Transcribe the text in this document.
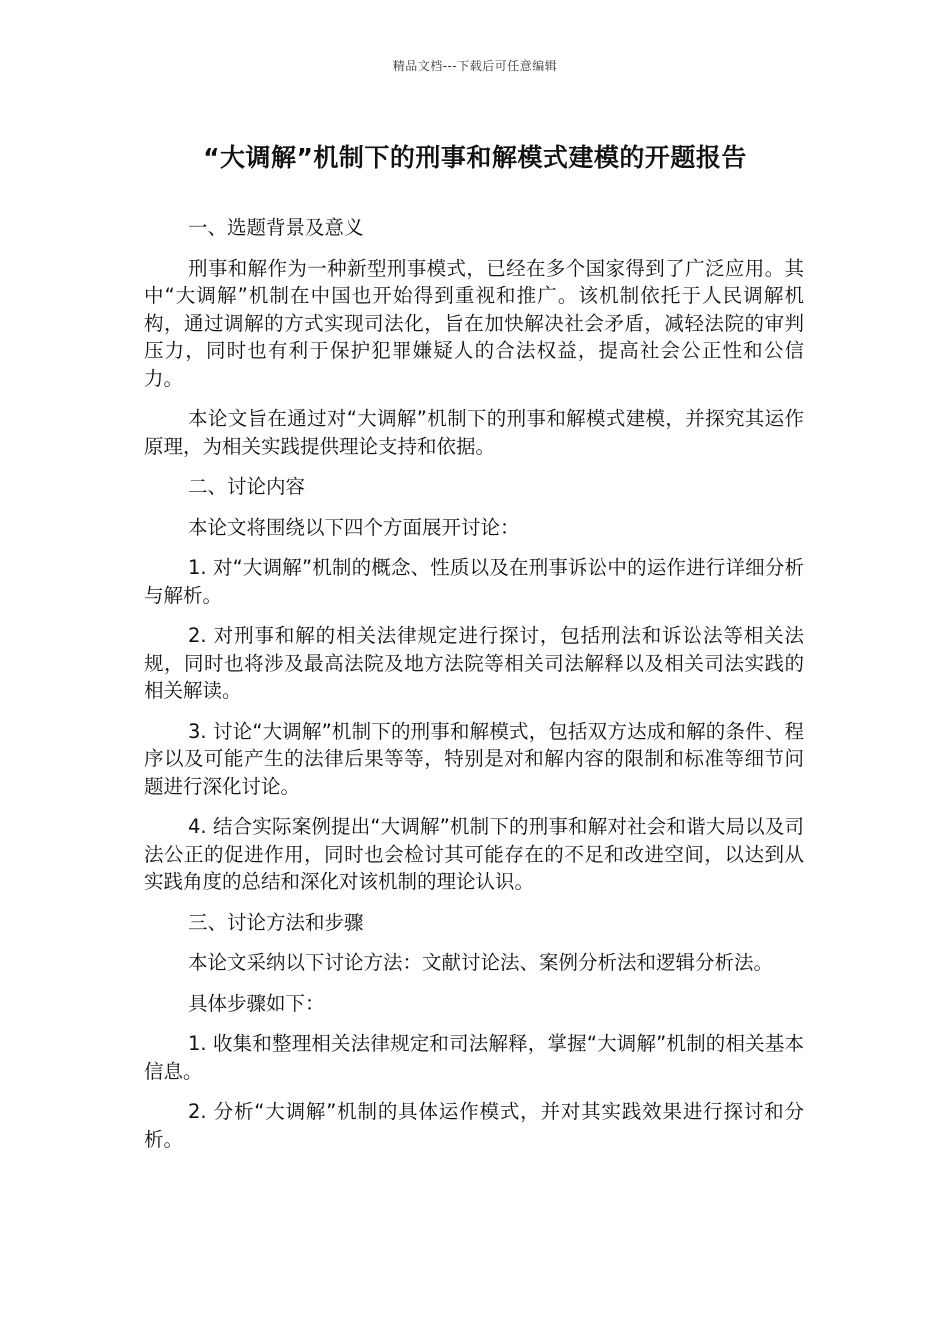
精品文档---下载后可任意编辑
“大调解”机制下的刑事和解模式建模的开题报告

一、选题背景及意义

刑事和解作为一种新型刑事模式，已经在多个国家得到了广泛应用。其中“大调解”机制在中国也开始得到重视和推广。该机制依托于人民调解机构，通过调解的方式实现司法化，旨在加快解决社会矛盾，减轻法院的审判压力，同时也有利于保护犯罪嫌疑人的合法权益，提高社会公正性和公信力。

本论文旨在通过对“大调解”机制下的刑事和解模式建模，并探究其运作原理，为相关实践提供理论支持和依据。

二、讨论内容

本论文将围绕以下四个方面展开讨论：

1. 对“大调解”机制的概念、性质以及在刑事诉讼中的运作进行详细分析与解析。

2. 对刑事和解的相关法律规定进行探讨，包括刑法和诉讼法等相关法规，同时也将涉及最高法院及地方法院等相关司法解释以及相关司法实践的相关解读。

3. 讨论“大调解”机制下的刑事和解模式，包括双方达成和解的条件、程序以及可能产生的法律后果等等，特别是对和解内容的限制和标准等细节问题进行深化讨论。

4. 结合实际案例提出“大调解”机制下的刑事和解对社会和谐大局以及司法公正的促进作用，同时也会检讨其可能存在的不足和改进空间，以达到从实践角度的总结和深化对该机制的理论认识。

三、讨论方法和步骤

本论文采纳以下讨论方法：文献讨论法、案例分析法和逻辑分析法。

具体步骤如下：

1. 收集和整理相关法律规定和司法解释，掌握“大调解”机制的相关基本信息。

2. 分析“大调解”机制的具体运作模式，并对其实践效果进行探讨和分析。
